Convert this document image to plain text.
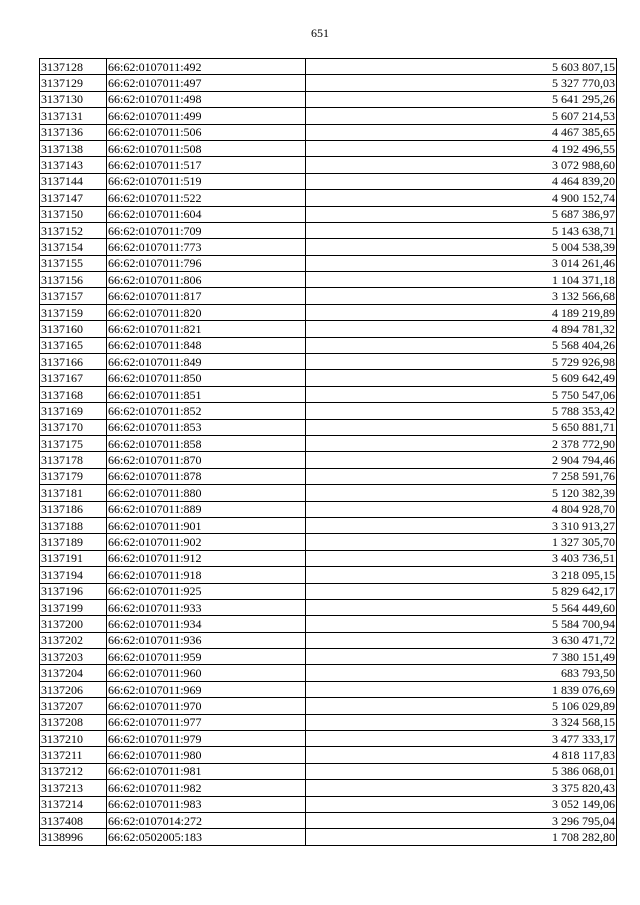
651
3137128	66:62:0107011:492	5 603 807,15
3137129	66:62:0107011:497	5 327 770,03
3137130	66:62:0107011:498	5 641 295,26
3137131	66:62:0107011:499	5 607 214,53
3137136	66:62:0107011:506	4 467 385,65
3137138	66:62:0107011:508	4 192 496,55
3137143	66:62:0107011:517	3 072 988,60
3137144	66:62:0107011:519	4 464 839,20
3137147	66:62:0107011:522	4 900 152,74
3137150	66:62:0107011:604	5 687 386,97
3137152	66:62:0107011:709	5 143 638,71
3137154	66:62:0107011:773	5 004 538,39
3137155	66:62:0107011:796	3 014 261,46
3137156	66:62:0107011:806	1 104 371,18
3137157	66:62:0107011:817	3 132 566,68
3137159	66:62:0107011:820	4 189 219,89
3137160	66:62:0107011:821	4 894 781,32
3137165	66:62:0107011:848	5 568 404,26
3137166	66:62:0107011:849	5 729 926,98
3137167	66:62:0107011:850	5 609 642,49
3137168	66:62:0107011:851	5 750 547,06
3137169	66:62:0107011:852	5 788 353,42
3137170	66:62:0107011:853	5 650 881,71
3137175	66:62:0107011:858	2 378 772,90
3137178	66:62:0107011:870	2 904 794,46
3137179	66:62:0107011:878	7 258 591,76
3137181	66:62:0107011:880	5 120 382,39
3137186	66:62:0107011:889	4 804 928,70
3137188	66:62:0107011:901	3 310 913,27
3137189	66:62:0107011:902	1 327 305,70
3137191	66:62:0107011:912	3 403 736,51
3137194	66:62:0107011:918	3 218 095,15
3137196	66:62:0107011:925	5 829 642,17
3137199	66:62:0107011:933	5 564 449,60
3137200	66:62:0107011:934	5 584 700,94
3137202	66:62:0107011:936	3 630 471,72
3137203	66:62:0107011:959	7 380 151,49
3137204	66:62:0107011:960	683 793,50
3137206	66:62:0107011:969	1 839 076,69
3137207	66:62:0107011:970	5 106 029,89
3137208	66:62:0107011:977	3 324 568,15
3137210	66:62:0107011:979	3 477 333,17
3137211	66:62:0107011:980	4 818 117,83
3137212	66:62:0107011:981	5 386 068,01
3137213	66:62:0107011:982	3 375 820,43
3137214	66:62:0107011:983	3 052 149,06
3137408	66:62:0107014:272	3 296 795,04
3138996	66:62:0502005:183	1 708 282,80
